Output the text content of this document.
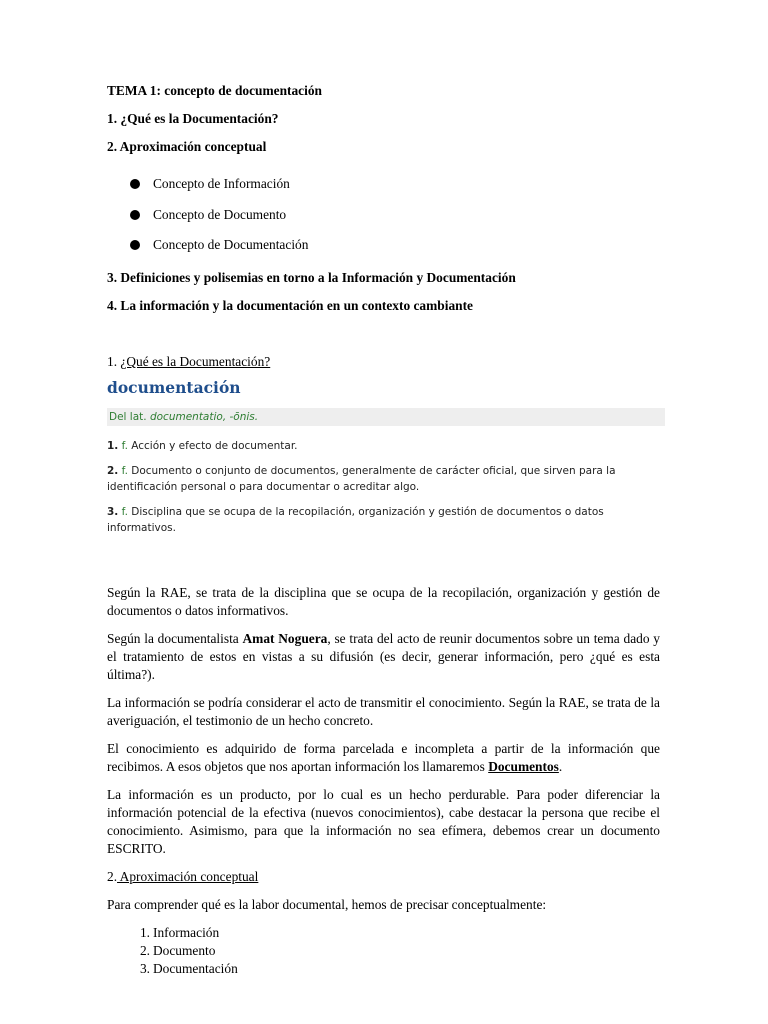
TEMA 1: concepto de documentación
1. ¿Qué es la Documentación?
2. Aproximación conceptual
Concepto de Información
Concepto de Documento
Concepto de Documentación
3. Definiciones y polisemias en torno a la Información y Documentación
4. La información y la documentación en un contexto cambiante
1. ¿Qué es la Documentación?
documentación
Del lat. documentatio, -ōnis.
1. f. Acción y efecto de documentar.
2. f. Documento o conjunto de documentos, generalmente de carácter oficial, que sirven para la identificación personal o para documentar o acreditar algo.
3. f. Disciplina que se ocupa de la recopilación, organización y gestión de documentos o datos informativos.
Según la RAE, se trata de la disciplina que se ocupa de la recopilación, organización y gestión de documentos o datos informativos.
Según la documentalista Amat Noguera, se trata del acto de reunir documentos sobre un tema dado y el tratamiento de estos en vistas a su difusión (es decir, generar información, pero ¿qué es esta última?).
La información se podría considerar el acto de transmitir el conocimiento. Según la RAE, se trata de la averiguación, el testimonio de un hecho concreto.
El conocimiento es adquirido de forma parcelada e incompleta a partir de la información que recibimos. A esos objetos que nos aportan información los llamaremos Documentos.
La información es un producto, por lo cual es un hecho perdurable. Para poder diferenciar la información potencial de la efectiva (nuevos conocimientos), cabe destacar la persona que recibe el conocimiento. Asimismo, para que la información no sea efímera, debemos crear un documento ESCRITO.
2. Aproximación conceptual
Para comprender qué es la labor documental, hemos de precisar conceptualmente:
1. Información
2. Documento
3. Documentación
